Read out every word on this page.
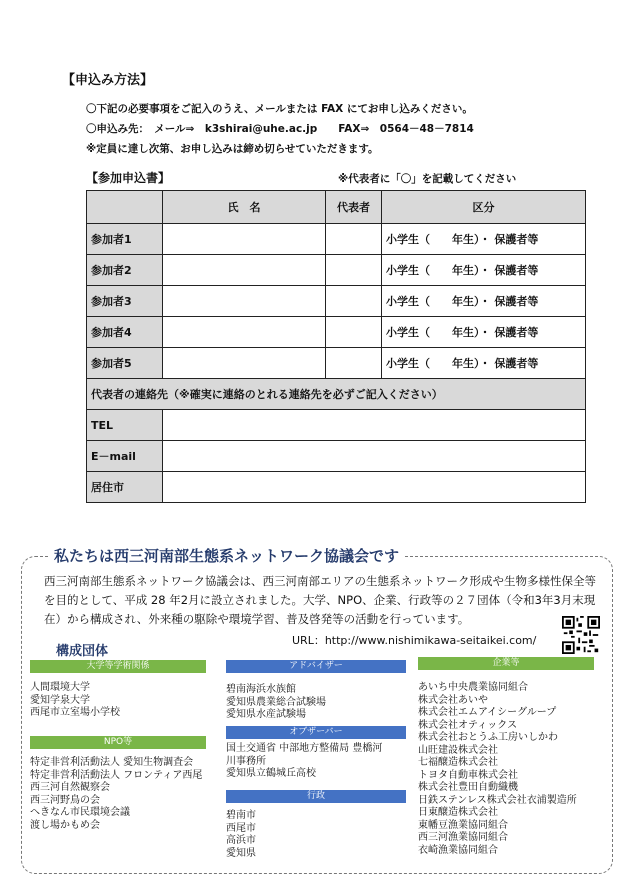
【申込み方法】
〇下記の必要事項をご記入のうえ、メールまたは FAX にてお申し込みください。
〇申込み先：　メール⇒　k3shirai@uhe.ac.jp　　FAX⇒　0564－48－7814
※定員に達し次第、お申し込みは締め切らせていただきます。
【参加申込書】	※代表者に「〇」を記載してください
	氏　名	代表者	区分
参加者1			小学生（　　年生）・ 保護者等
参加者2			小学生（　　年生）・ 保護者等
参加者3			小学生（　　年生）・ 保護者等
参加者4			小学生（　　年生）・ 保護者等
参加者5			小学生（　　年生）・ 保護者等
代表者の連絡先（※確実に連絡のとれる連絡先を必ずご記入ください）			
TEL			
E－mail			
居住市			
私たちは西三河南部生態系ネットワーク協議会です
西三河南部生態系ネットワーク協議会は、西三河南部エリアの生態系ネットワーク形成や生物多様性保全等を目的として、平成 28 年2月に設立されました。大学、NPO、企業、行政等の２７団体（令和3年3月末現在）から構成され、外来種の駆除や環境学習、普及啓発等の活動を行っています。
URL：http://www.nishimikawa-seitaikei.com/
構成団体
大学等学術関係
人間環境大学
愛知学泉大学
西尾市立室場小学校
NPO等
特定非営利活動法人 愛知生物調査会
特定非営利活動法人 フロンティア西尾
西三河自然観察会
西三河野鳥の会
へきなん市民環境会議
渡し場かもめ会
アドバイザー
碧南海浜水族館
愛知県農業総合試験場
愛知県水産試験場
オブザーバー
国土交通省 中部地方整備局 豊橋河
川事務所
愛知県立鶴城丘高校
行政
碧南市
西尾市
高浜市
愛知県
企業等
あいち中央農業協同組合
株式会社あいや
株式会社エムアイシーグループ
株式会社オティックス
株式会社おとうふ工房いしかわ
山旺建設株式会社
七福醸造株式会社
トヨタ自動車株式会社
株式会社豊田自動織機
日鉄ステンレス株式会社衣浦製造所
日東醸造株式会社
東幡豆漁業協同組合
西三河漁業協同組合
衣崎漁業協同組合
